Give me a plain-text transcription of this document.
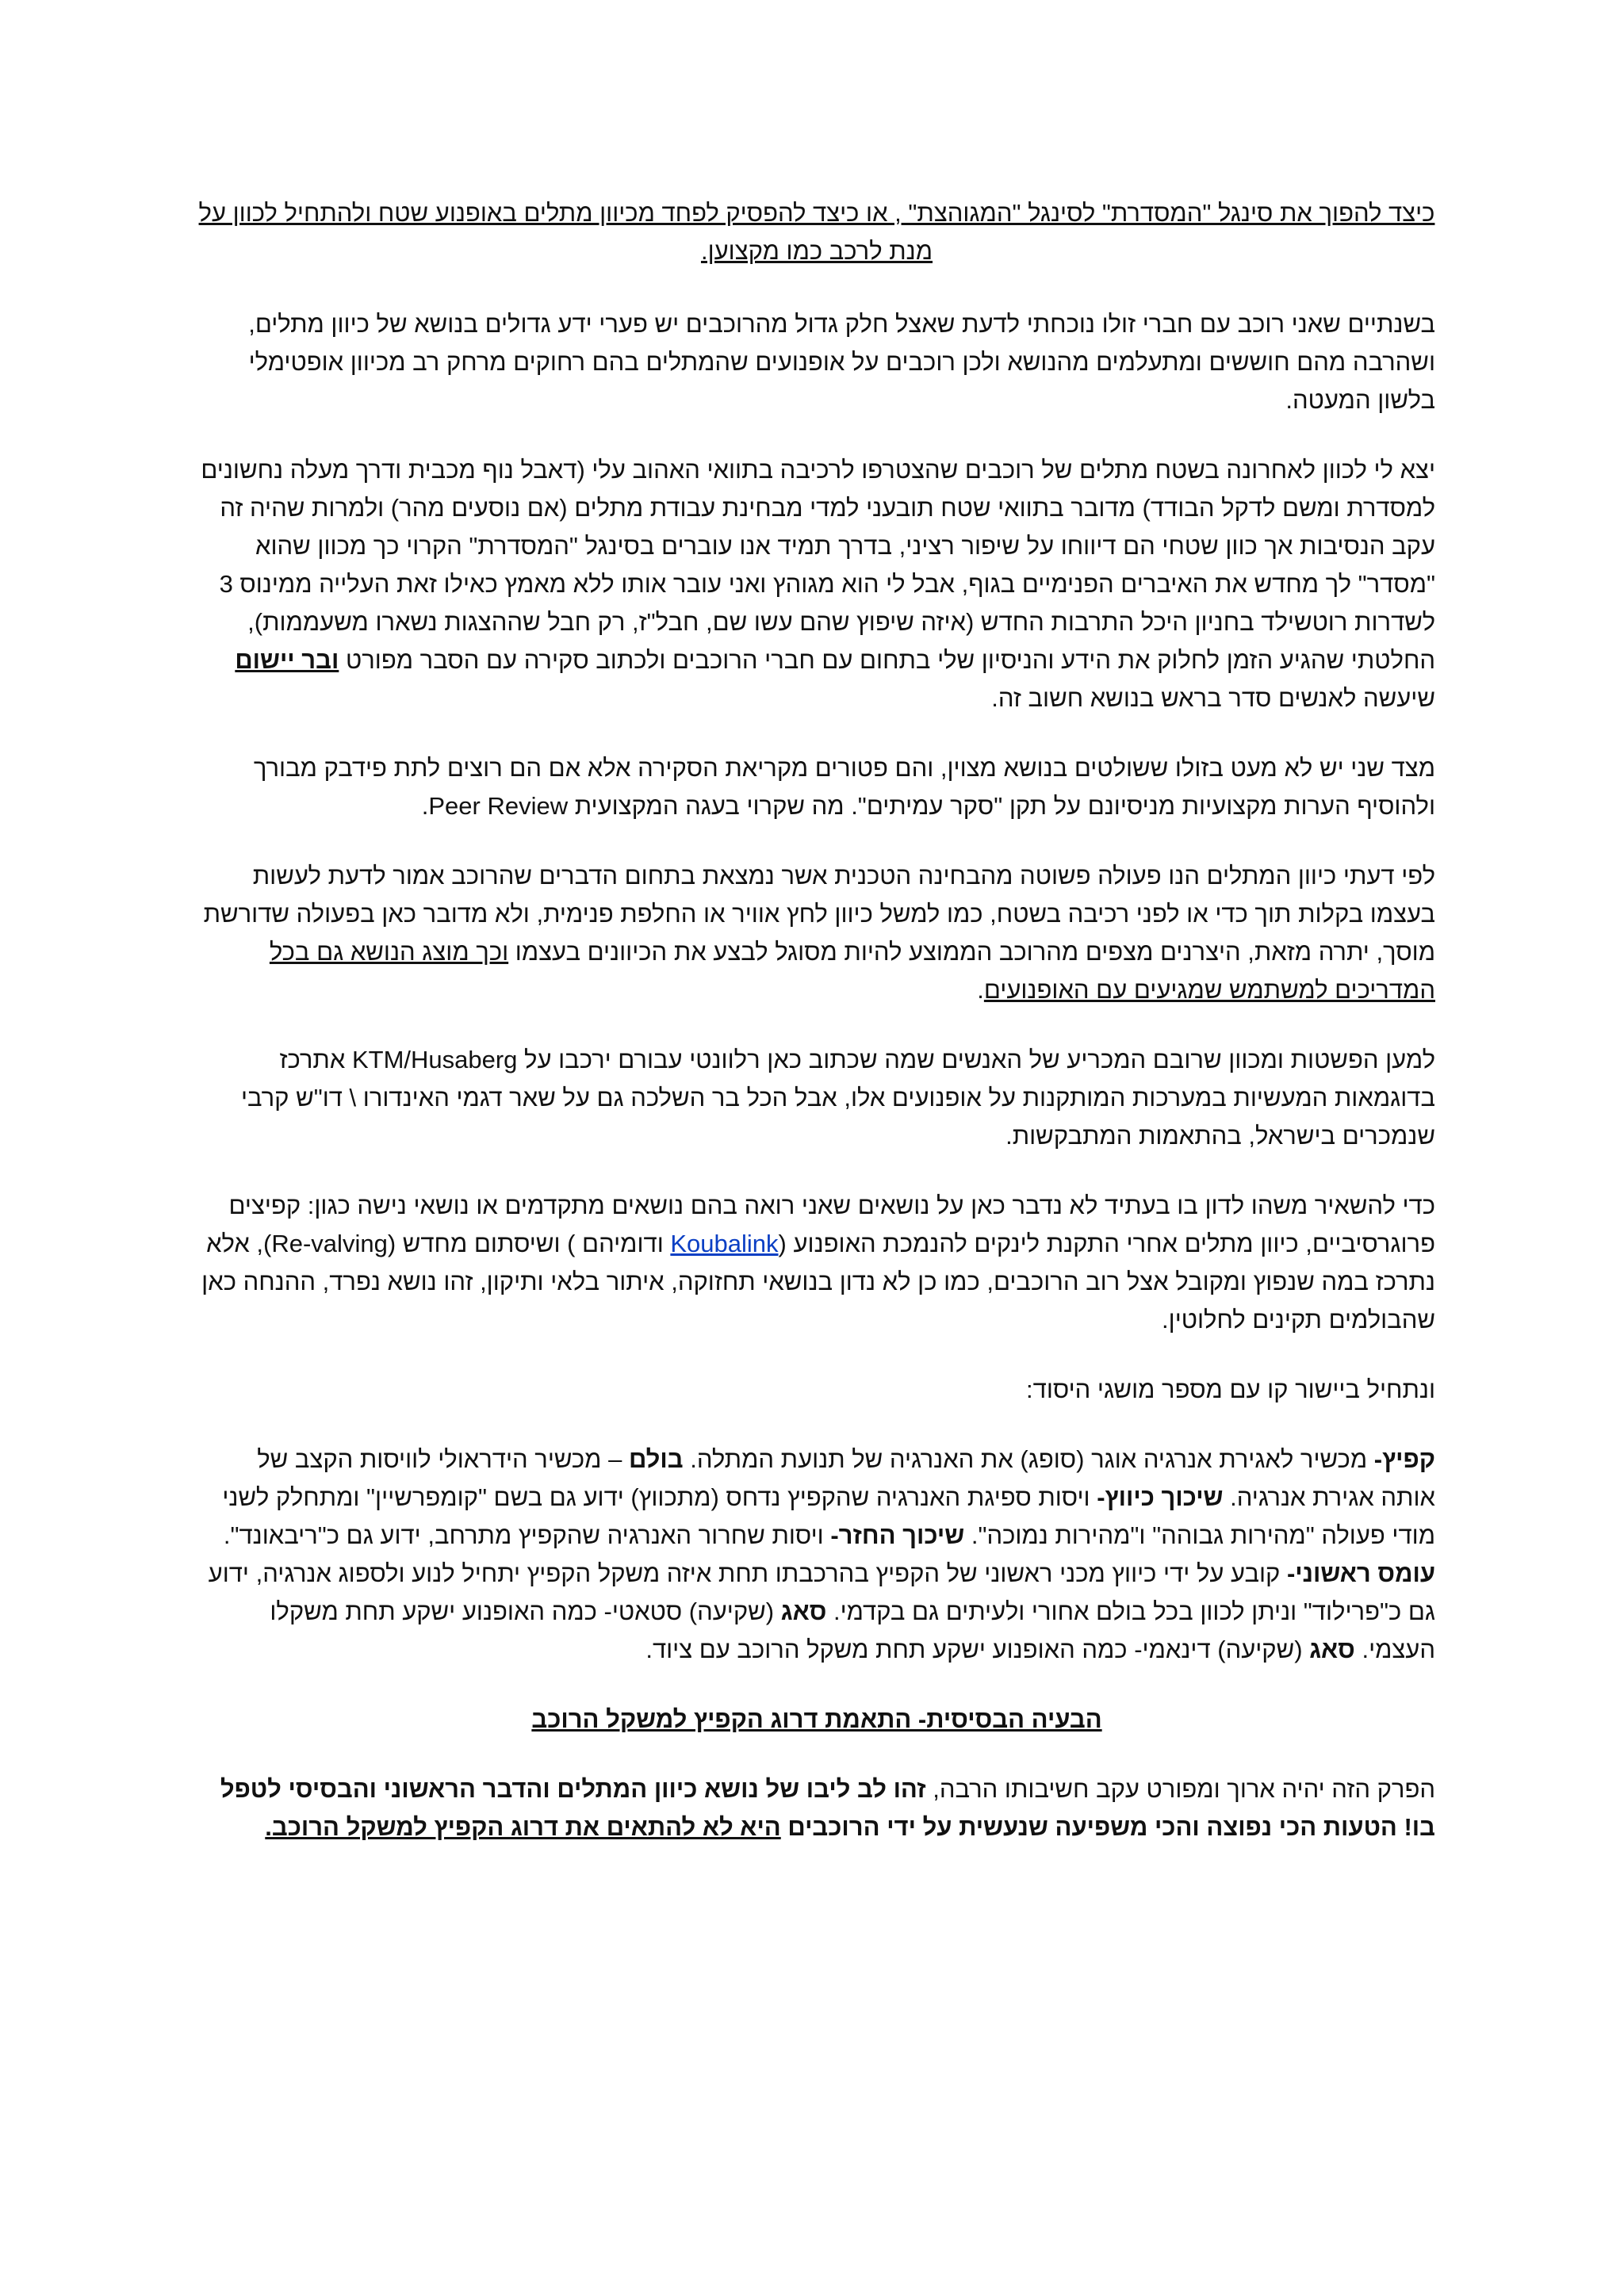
כיצד להפוך את סינגל "המסדרת" לסינגל "המגוהצת" , או כיצד להפסיק לפחד מכיוון מתלים באופנוע שטח ולהתחיל לכוון על מנת לרכב כמו מקצוען.

בשנתיים שאני רוכב עם חברי זולו נוכחתי לדעת שאצל חלק גדול מהרוכבים יש פערי ידע גדולים בנושא של כיוון מתלים, ושהרבה מהם חוששים ומתעלמים מהנושא ולכן רוכבים על אופנועים שהמתלים בהם רחוקים מרחק רב מכיוון אופטימלי בלשון המעטה.

יצא לי לכוון לאחרונה בשטח מתלים של רוכבים שהצטרפו לרכיבה בתוואי האהוב עלי (דאבל נוף מכבית ודרך מעלה נחשונים למסדרת ומשם לדקל הבודד) מדובר בתוואי שטח תובעני למדי מבחינת עבודת מתלים (אם נוסעים מהר) ולמרות שהיה זה עקב הנסיבות אך כוון שטחי הם דיווחו על שיפור רציני, בדרך תמיד אנו עוברים בסינגל "המסדרת" הקרוי כך מכוון שהוא "מסדר" לך מחדש את האיברים הפנימיים בגוף, אבל לי הוא מגוהץ ואני עובר אותו ללא מאמץ כאילו זאת העלייה ממינוס 3 לשדרות רוטשילד בחניון היכל התרבות החדש (איזה שיפוץ שהם עשו שם, חבל"ז, רק חבל שההצגות נשארו משעממות), החלטתי שהגיע הזמן לחלוק את הידע והניסיון שלי בתחום עם חברי הרוכבים ולכתוב סקירה עם הסבר מפורט ובר יישום שיעשה לאנשים סדר בראש בנושא חשוב זה.

מצד שני יש לא מעט בזולו ששולטים בנושא מצוין, והם פטורים מקריאת הסקירה אלא אם הם רוצים לתת פידבק מבורך ולהוסיף הערות מקצועיות מניסיונם על תקן "סקר עמיתים". מה שקרוי בעגה המקצועית Peer Review.

לפי דעתי כיוון המתלים הנו פעולה פשוטה מהבחינה הטכנית אשר נמצאת בתחום הדברים שהרוכב אמור לדעת לעשות בעצמו בקלות תוך כדי או לפני רכיבה בשטח, כמו למשל כיוון לחץ אוויר או החלפת פנימית, ולא מדובר כאן בפעולה שדורשת מוסך, יתרה מזאת, היצרנים מצפים מהרוכב הממוצע להיות מסוגל לבצע את הכיוונים בעצמו וכך מוצג הנושא גם בכל המדריכים למשתמש שמגיעים עם האופנועים.

למען הפשטות ומכוון שרובם המכריע של האנשים שמה שכתוב כאן רלוונטי עבורם ירכבו על KTM/Husaberg אתרכז בדוגמאות המעשיות במערכות המותקנות על אופנועים אלו, אבל הכל בר השלכה גם על שאר דגמי האינדורו \ דו"ש קרבי שנמכרים בישראל, בהתאמות המתבקשות.

כדי להשאיר משהו לדון בו בעתיד לא נדבר כאן על נושאים שאני רואה בהם נושאים מתקדמים או נושאי נישה כגון: קפיצים פרוגרסיביים, כיוון מתלים אחרי התקנת לינקים להנמכת האופנוע (Koubalink ודומיהם ) ושיסתום מחדש (Re-valving), אלא נתרכז במה שנפוץ ומקובל אצל רוב הרוכבים, כמו כן לא נדון בנושאי תחזוקה, איתור בלאי ותיקון, זהו נושא נפרד, ההנחה כאן שהבולמים תקינים לחלוטין.

ונתחיל ביישור קו עם מספר מושגי היסוד:

קפיץ- מכשיר לאגירת אנרגיה אוגר (סופג) את האנרגיה של תנועת המתלה. בולם – מכשיר הידראולי לוויסות הקצב של אותה אגירת אנרגיה. שיכוך כיווץ- ויסות ספיגת האנרגיה שהקפיץ נדחס (מתכווץ) ידוע גם בשם "קומפרשיין" ומתחלק לשני מודי פעולה "מהירות גבוהה" ו"מהירות נמוכה". שיכוך החזר- ויסות שחרור האנרגיה שהקפיץ מתרחב, ידוע גם כ"ריבאונד". עומס ראשוני- קובע על ידי כיווץ מכני ראשוני של הקפיץ בהרכבתו תחת איזה משקל הקפיץ יתחיל לנוע ולספוג אנרגיה, ידוע גם כ"פרילוד" וניתן לכוון בכל בולם אחורי ולעיתים גם בקדמי. סאג (שקיעה) סטאטי- כמה האופנוע ישקע תחת משקלו העצמי. סאג (שקיעה) דינאמי- כמה האופנוע ישקע תחת משקל הרוכב עם ציוד.

הבעיה הבסיסית- התאמת דרוג הקפיץ למשקל הרוכב

הפרק הזה יהיה ארוך ומפורט עקב חשיבותו הרבה, זהו לב ליבו של נושא כיוון המתלים והדבר הראשוני והבסיסי לטפל בו! הטעות הכי נפוצה והכי משפיעה שנעשית על ידי הרוכבים היא לא להתאים את דרוג הקפיץ למשקל הרוכב.
